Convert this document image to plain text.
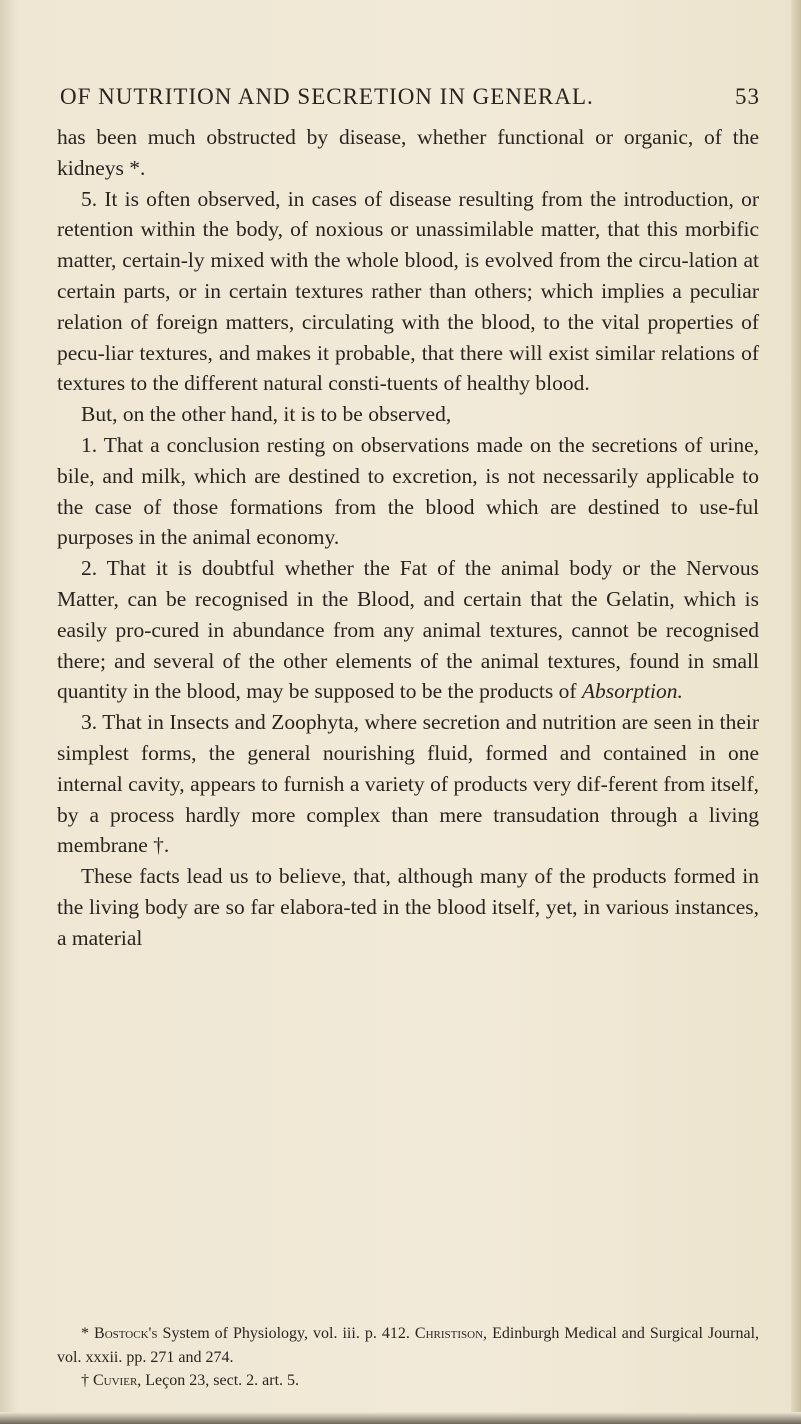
OF NUTRITION AND SECRETION IN GENERAL.	53

has been much obstructed by disease, whether functional or organic, of the kidneys *.

5. It is often observed, in cases of disease resulting from the introduction, or retention within the body, of noxious or unassimilable matter, that this morbific matter, certain-ly mixed with the whole blood, is evolved from the circu-lation at certain parts, or in certain textures rather than others; which implies a peculiar relation of foreign matters, circulating with the blood, to the vital properties of pecu-liar textures, and makes it probable, that there will exist similar relations of textures to the different natural consti-tuents of healthy blood.

But, on the other hand, it is to be observed,

1. That a conclusion resting on observations made on the secretions of urine, bile, and milk, which are destined to excretion, is not necessarily applicable to the case of those formations from the blood which are destined to use-ful purposes in the animal economy.

2. That it is doubtful whether the Fat of the animal body or the Nervous Matter, can be recognised in the Blood, and certain that the Gelatin, which is easily pro-cured in abundance from any animal textures, cannot be recognised there; and several of the other elements of the animal textures, found in small quantity in the blood, may be supposed to be the products of Absorption.

3. That in Insects and Zoophyta, where secretion and nutrition are seen in their simplest forms, the general nourishing fluid, formed and contained in one internal cavity, appears to furnish a variety of products very dif-ferent from itself, by a process hardly more complex than mere transudation through a living membrane †.

These facts lead us to believe, that, although many of the products formed in the living body are so far elabora-ted in the blood itself, yet, in various instances, a material

* Bostock's System of Physiology, vol. iii. p. 412. Christison, Edinburgh Medical and Surgical Journal, vol. xxxii. pp. 271 and 274.

† Cuvier, Leçon 23, sect. 2. art. 5.
